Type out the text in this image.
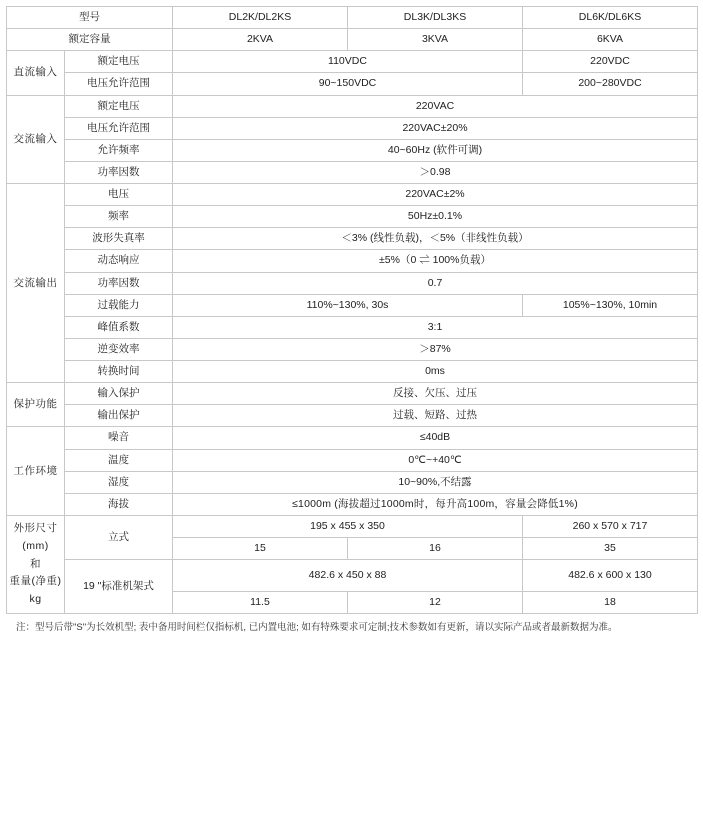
型号		DL2K/DL2KS	DL3K/DL3KS	DL6K/DL6KS
额定容量		2KVA	3KVA	6KVA
直流输入	额定电压	110VDC		220VDC
	电压允许范围	90~150VDC		200~280VDC
交流输入	额定电压	220VAC		
	电压允许范围	220VAC±20%		
	允许频率	40~60Hz (软件可调)		
	功率因数	＞0.98		
交流输出	电压	220VAC±2%		
	频率	50Hz±0.1%		
	波形失真率	＜3% (线性负载)，＜5%（非线性负载）		
	动态响应	±5%（0 ⇌ 100%负载）		
	功率因数	0.7		
	过载能力	110%~130%, 30s		105%~130%, 10min
	峰值系数	3:1		
	逆变效率	＞87%		
	转换时间	0ms		
保护功能	输入保护	反接、欠压、过压		
	输出保护	过载、短路、过热		
工作环境	噪音	≤40dB		
	温度	0℃~+40℃		
	湿度	10~90%,不结露		
	海拔	≤1000m (海拔超过1000m时，每升高100m，容量会降低1%)		
外形尺寸
(mm)
和
重量(净重)
kg	立式	195 x 455 x 350		260 x 570 x 717
		15	16	35
	19 "标准机架式	482.6 x 450 x 88		482.6 x 600 x 130
		11.5	12	18
注：型号后带"S"为长效机型; 表中备用时间栏仅指标机, 已内置电池; 如有特殊要求可定制;技术参数如有更新，请以实际产品或者最新数据为准。
